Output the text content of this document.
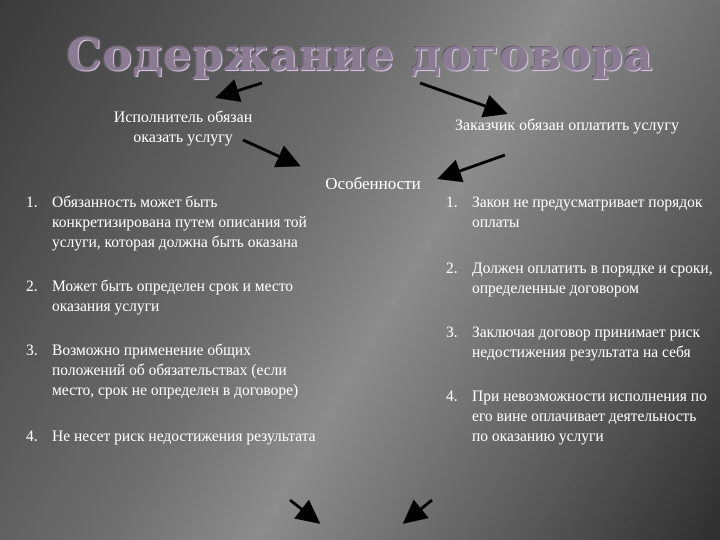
Содержание договора
Исполнитель обязан оказать услугу
Заказчик обязан оплатить услугу
Особенности
1. Обязанность может быть конкретизирована путем описания той услуги, которая должна быть оказана
2. Может быть определен срок и место оказания услуги
3. Возможно применение общих положений об обязательствах (если место, срок не определен в договоре)
4. Не несет риск недостижения результата
1. Закон не предусматривает порядок оплаты
2. Должен оплатить в порядке и сроки, определенные договором
3. Заключая договор принимает риск недостижения результата на себя
4. При невозможности исполнения по его вине оплачивает деятельность по оказанию услуги
